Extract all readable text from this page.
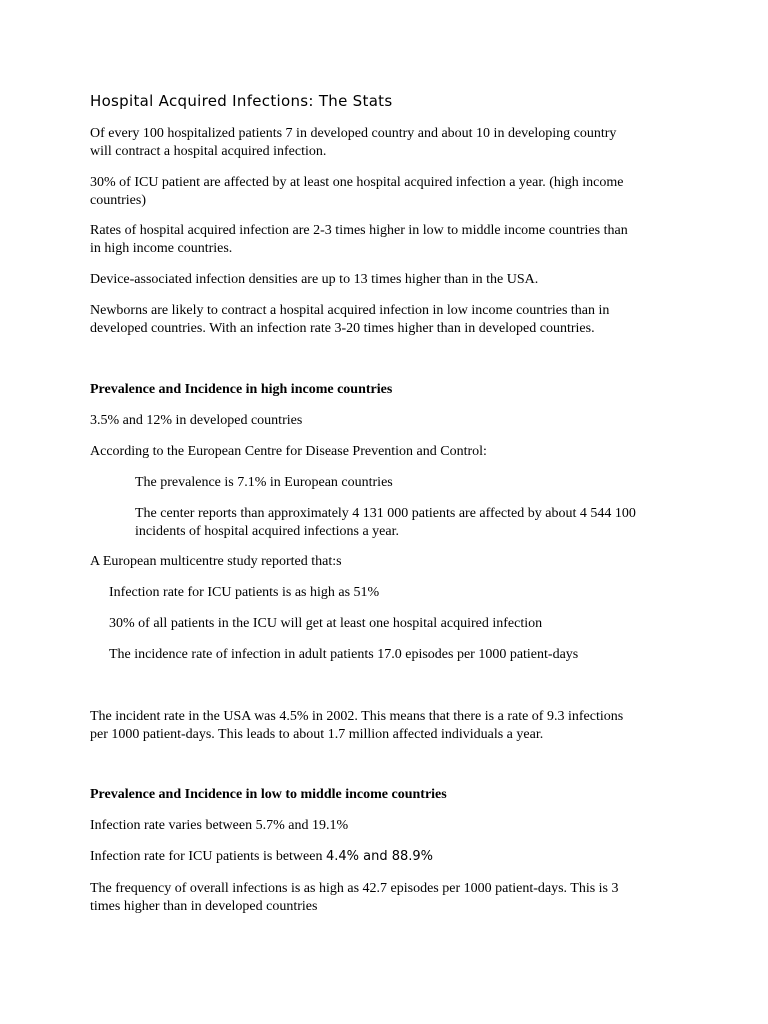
Hospital Acquired Infections: The Stats
Of every 100 hospitalized patients 7 in developed country and about 10 in developing country
will contract a hospital acquired infection.
30% of ICU patient are affected by at least one hospital acquired infection a year. (high income
countries)
Rates of hospital acquired infection are 2-3 times higher in low to middle income countries than
in high income countries.
Device-associated infection densities are up to 13 times higher than in the USA.
Newborns are likely to contract a hospital acquired infection in low income countries than in
developed countries. With an infection rate 3-20 times higher than in developed countries.
Prevalence and Incidence in high income countries
3.5% and 12% in developed countries
According to the European Centre for Disease Prevention and Control:
The prevalence is 7.1% in European countries
The center reports than approximately 4 131 000 patients are affected by about 4 544 100
incidents of hospital acquired infections a year.
A European multicentre study reported that:s
Infection rate for ICU patients is as high as 51%
30% of all patients in the ICU will get at least one hospital acquired infection
The incidence rate of infection in adult patients 17.0 episodes per 1000 patient-days
The incident rate in the USA was 4.5% in 2002. This means that there is a rate of 9.3 infections
per 1000 patient-days. This leads to about 1.7 million affected individuals a year.
Prevalence and Incidence in low to middle income countries
Infection rate varies between 5.7% and 19.1%
Infection rate for ICU patients is between 4.4% and 88.9%
The frequency of overall infections is as high as 42.7 episodes per 1000 patient-days. This is 3
times higher than in developed countries
